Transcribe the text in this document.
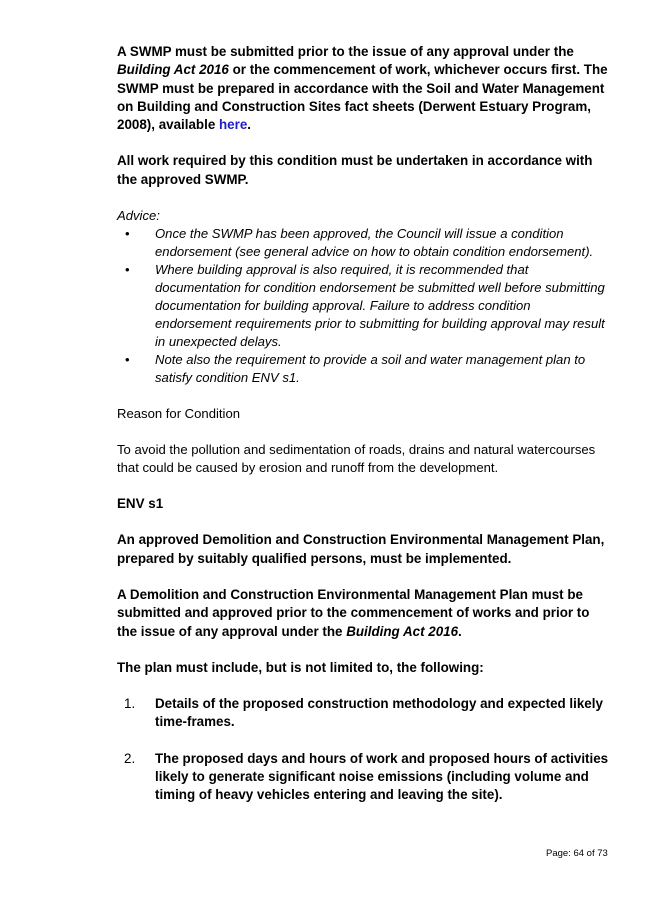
A SWMP must be submitted prior to the issue of any approval under the Building Act 2016 or the commencement of work, whichever occurs first. The SWMP must be prepared in accordance with the Soil and Water Management on Building and Construction Sites fact sheets (Derwent Estuary Program, 2008), available here.

All work required by this condition must be undertaken in accordance with the approved SWMP.

Advice:

• Once the SWMP has been approved, the Council will issue a condition endorsement (see general advice on how to obtain condition endorsement).
• Where building approval is also required, it is recommended that documentation for condition endorsement be submitted well before submitting documentation for building approval. Failure to address condition endorsement requirements prior to submitting for building approval may result in unexpected delays.
• Note also the requirement to provide a soil and water management plan to satisfy condition ENV s1.

Reason for Condition

To avoid the pollution and sedimentation of roads, drains and natural watercourses that could be caused by erosion and runoff from the development.

ENV s1

An approved Demolition and Construction Environmental Management Plan, prepared by suitably qualified persons, must be implemented.

A Demolition and Construction Environmental Management Plan must be submitted and approved prior to the commencement of works and prior to the issue of any approval under the Building Act 2016.

The plan must include, but is not limited to, the following:

1. Details of the proposed construction methodology and expected likely time-frames.
2. The proposed days and hours of work and proposed hours of activities likely to generate significant noise emissions (including volume and timing of heavy vehicles entering and leaving the site).
Page: 64 of 73
